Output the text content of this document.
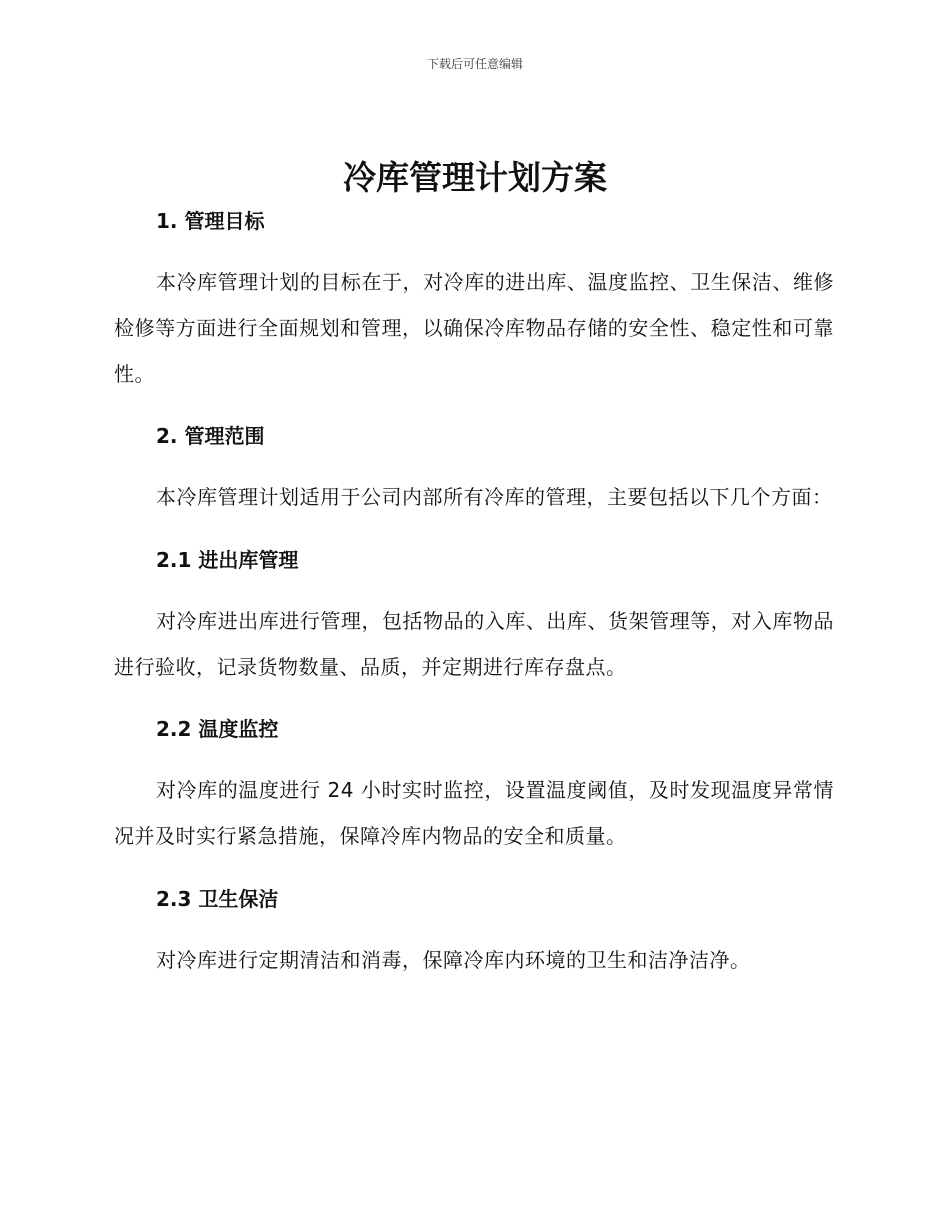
下载后可任意编辑
冷库管理计划方案
1. 管理目标

本冷库管理计划的目标在于，对冷库的进出库、温度监控、卫生保洁、维修检修等方面进行全面规划和管理，以确保冷库物品存储的安全性、稳定性和可靠性。

2. 管理范围

本冷库管理计划适用于公司内部所有冷库的管理，主要包括以下几个方面：

2.1 进出库管理

对冷库进出库进行管理，包括物品的入库、出库、货架管理等，对入库物品进行验收，记录货物数量、品质，并定期进行库存盘点。

2.2 温度监控

对冷库的温度进行 24 小时实时监控，设置温度阈值，及时发现温度异常情况并及时实行紧急措施，保障冷库内物品的安全和质量。

2.3 卫生保洁

对冷库进行定期清洁和消毒，保障冷库内环境的卫生和洁净洁净。
